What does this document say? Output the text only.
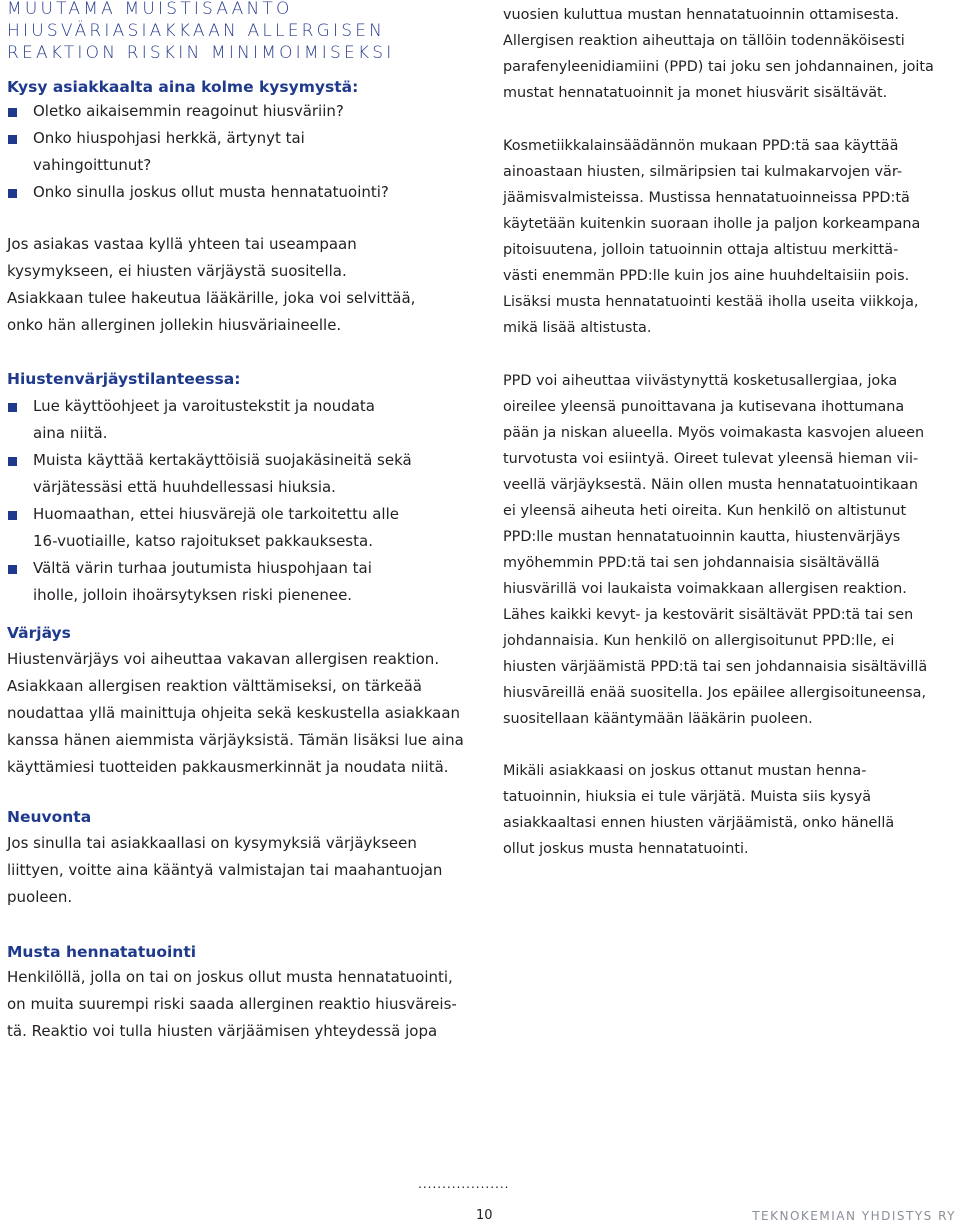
MUUTAMA MUISTISÄÄNTÖ
HIUSVÄRIASIAKKAAN ALLERGISEN
REAKTION RISKIN MINIMOIMISEKSI
Kysy asiakkaalta aina kolme kysymystä:
Oletko aikaisemmin reagoinut hiusväriin?
Onko hiuspohjasi herkkä, ärtynyt tai vahingoittunut?
Onko sinulla joskus ollut musta hennatatuointi?
Jos asiakas vastaa kyllä yhteen tai useampaan
kysymykseen, ei hiusten värjäystä suositella.
Asiakkaan tulee hakeutua lääkärille, joka voi selvittää,
onko hän allerginen jollekin hiusväriaineelle.
Hiustenvärjäystilanteessa:
Lue käyttöohjeet ja varoitustekstit ja noudata aina niitä.
Muista käyttää kertakäyttöisiä suojakäsineitä sekä värjätessäsi että huuhdellessasi hiuksia.
Huomaathan, ettei hiusvärejä ole tarkoitettu alle 16-vuotiaille, katso rajoitukset pakkauksesta.
Vältä värin turhaa joutumista hiuspohjaan tai iholle, jolloin ihoärsytyksen riski pienenee.
Värjäys
Hiustenvärjäys voi aiheuttaa vakavan allergisen reaktion.
Asiakkaan allergisen reaktion välttämiseksi, on tärkeää
noudattaa yllä mainittuja ohjeita sekä keskustella asiakkaan
kanssa hänen aiemmista värjäyksistä. Tämän lisäksi lue aina
käyttämiesi tuotteiden pakkausmerkinnät ja noudata niitä.
Neuvonta
Jos sinulla tai asiakkaallasi on kysymyksiä värjäykseen
liittyen, voitte aina kääntyä valmistajan tai maahantuojan
puoleen.
Musta hennatatuointi
Henkilöllä, jolla on tai on joskus ollut musta hennatatuointi,
on muita suurempi riski saada allerginen reaktio hiusväreis-
tä. Reaktio voi tulla hiusten värjäämisen yhteydessä jopa
vuosien kuluttua mustan hennatatuoinnin ottamisesta.
Allergisen reaktion aiheuttaja on tällöin todennäköisesti
parafenyleenidiamiini (PPD) tai joku sen johdannainen, joita
mustat hennatatuoinnit ja monet hiusvärit sisältävät.
Kosmetiikkalainsäädännön mukaan PPD:tä saa käyttää
ainoastaan hiusten, silmäripsien tai kulmakarvojen vär-
jäämisvalmisteissa. Mustissa hennatatuoinneissa PPD:tä
käytetään kuitenkin suoraan iholle ja paljon korkeampana
pitoisuutena, jolloin tatuoinnin ottaja altistuu merkittä-
västi enemmän PPD:lle kuin jos aine huuhdeltaisiin pois.
Lisäksi musta hennatatuointi kestää iholla useita viikkoja,
mikä lisää altistusta.
PPD voi aiheuttaa viivästynyttä kosketusallergiaa, joka
oireilee yleensä punoittavana ja kutisevana ihottumana
pään ja niskan alueella. Myös voimakasta kasvojen alueen
turvotusta voi esiintyä. Oireet tulevat yleensä hieman vii-
veellä värjäyksestä. Näin ollen musta hennatatuointikaan
ei yleensä aiheuta heti oireita. Kun henkilö on altistunut
PPD:lle mustan hennatatuoinnin kautta, hiustenvärjäys
myöhemmin PPD:tä tai sen johdannaisia sisältävällä
hiusvärillä voi laukaista voimakkaan allergisen reaktion.
Lähes kaikki kevyt- ja kestovärit sisältävät PPD:tä tai sen
johdannaisia. Kun henkilö on allergisoitunut PPD:lle, ei
hiusten värjäämistä PPD:tä tai sen johdannaisia sisältävillä
hiusvāreillä enää suositella. Jos epäilee allergisoituneensa,
suositellaan kääntymään lääkärin puoleen.
Mikäli asiakkaasi on joskus ottanut mustan henna-
tatuoinnin, hiuksia ei tule värjätä. Muista siis kysyä
asiakkaaltasi ennen hiusten värjäämistä, onko hänellä
ollut joskus musta hennatatuointi.
...................
10	TEKNOKEMIAN YHDISTYS RY
